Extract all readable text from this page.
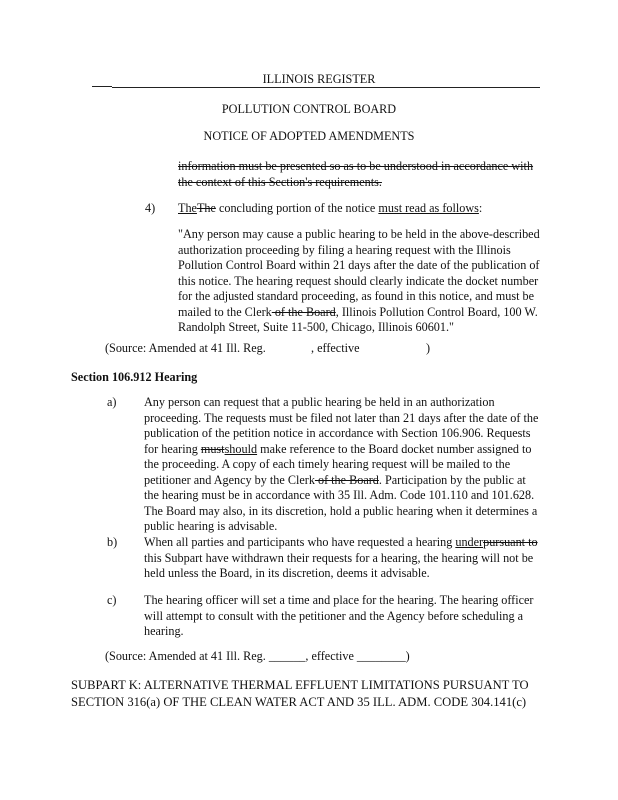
ILLINOIS REGISTER
POLLUTION CONTROL BOARD
NOTICE OF ADOPTED AMENDMENTS
information must be presented so as to be understood in accordance with
the context of this Section's requirements.
4) TheThe concluding portion of the notice must read as follows:
"Any person may cause a public hearing to be held in the above-described
authorization proceeding by filing a hearing request with the Illinois
Pollution Control Board within 21 days after the date of the publication of
this notice. The hearing request should clearly indicate the docket number
for the adjusted standard proceeding, as found in this notice, and must be
mailed to the Clerk of the Board, Illinois Pollution Control Board, 100 W.
Randolph Street, Suite 11-500, Chicago, Illinois 60601."
(Source: Amended at 41 Ill. Reg.	, effective	)
Section 106.912 Hearing
a) Any person can request that a public hearing be held in an authorization
proceeding. The requests must be filed not later than 21 days after the date of the
publication of the petition notice in accordance with Section 106.906. Requests
for hearing mustshould make reference to the Board docket number assigned to
the proceeding. A copy of each timely hearing request will be mailed to the
petitioner and Agency by the Clerk of the Board. Participation by the public at
the hearing must be in accordance with 35 Ill. Adm. Code 101.110 and 101.628.
The Board may also, in its discretion, hold a public hearing when it determines a
public hearing is advisable.
b) When all parties and participants who have requested a hearing underpursuant to
this Subpart have withdrawn their requests for a hearing, the hearing will not be
held unless the Board, in its discretion, deems it advisable.
c) The hearing officer will set a time and place for the hearing. The hearing officer
will attempt to consult with the petitioner and the Agency before scheduling a
hearing.
(Source: Amended at 41 Ill. Reg. ______, effective ________)
SUBPART K: ALTERNATIVE THERMAL EFFLUENT LIMITATIONS PURSUANT TO
SECTION 316(a) OF THE CLEAN WATER ACT AND 35 ILL. ADM. CODE 304.141(c)
